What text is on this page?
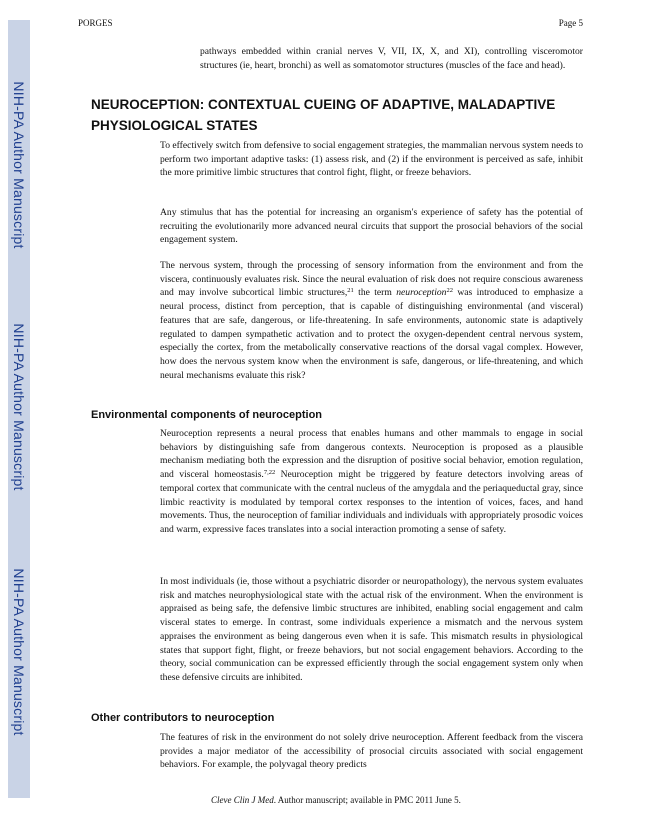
NIH-PA Author Manuscript
NIH-PA Author Manuscript
NIH-PA Author Manuscript
PORGES	Page 5

pathways embedded within cranial nerves V, VII, IX, X, and XI), controlling visceromotor structures (ie, heart, bronchi) as well as somatomotor structures (muscles of the face and head).

NEUROCEPTION: CONTEXTUAL CUEING OF ADAPTIVE, MALADAPTIVE PHYSIOLOGICAL STATES

To effectively switch from defensive to social engagement strategies, the mammalian nervous system needs to perform two important adaptive tasks: (1) assess risk, and (2) if the environment is perceived as safe, inhibit the more primitive limbic structures that control fight, flight, or freeze behaviors.

Any stimulus that has the potential for increasing an organism's experience of safety has the potential of recruiting the evolutionarily more advanced neural circuits that support the prosocial behaviors of the social engagement system.

The nervous system, through the processing of sensory information from the environment and from the viscera, continuously evaluates risk. Since the neural evaluation of risk does not require conscious awareness and may involve subcortical limbic structures,$^{21}$ the term neuroception$^{22}$ was introduced to emphasize a neural process, distinct from perception, that is capable of distinguishing environmental (and visceral) features that are safe, dangerous, or life-threatening. In safe environments, autonomic state is adaptively regulated to dampen sympathetic activation and to protect the oxygen-dependent central nervous system, especially the cortex, from the metabolically conservative reactions of the dorsal vagal complex. However, how does the nervous system know when the environment is safe, dangerous, or life-threatening, and which neural mechanisms evaluate this risk?

Environmental components of neuroception

Neuroception represents a neural process that enables humans and other mammals to engage in social behaviors by distinguishing safe from dangerous contexts. Neuroception is proposed as a plausible mechanism mediating both the expression and the disruption of positive social behavior, emotion regulation, and visceral homeostasis.$^{7,22}$ Neuroception might be triggered by feature detectors involving areas of temporal cortex that communicate with the central nucleus of the amygdala and the periaqueductal gray, since limbic reactivity is modulated by temporal cortex responses to the intention of voices, faces, and hand movements. Thus, the neuroception of familiar individuals and individuals with appropriately prosodic voices and warm, expressive faces translates into a social interaction promoting a sense of safety.

In most individuals (ie, those without a psychiatric disorder or neuropathology), the nervous system evaluates risk and matches neurophysiological state with the actual risk of the environment. When the environment is appraised as being safe, the defensive limbic structures are inhibited, enabling social engagement and calm visceral states to emerge. In contrast, some individuals experience a mismatch and the nervous system appraises the environment as being dangerous even when it is safe. This mismatch results in physiological states that support fight, flight, or freeze behaviors, but not social engagement behaviors. According to the theory, social communication can be expressed efficiently through the social engagement system only when these defensive circuits are inhibited.

Other contributors to neuroception

The features of risk in the environment do not solely drive neuroception. Afferent feedback from the viscera provides a major mediator of the accessibility of prosocial circuits associated with social engagement behaviors. For example, the polyvagal theory predicts

Cleve Clin J Med. Author manuscript; available in PMC 2011 June 5.
